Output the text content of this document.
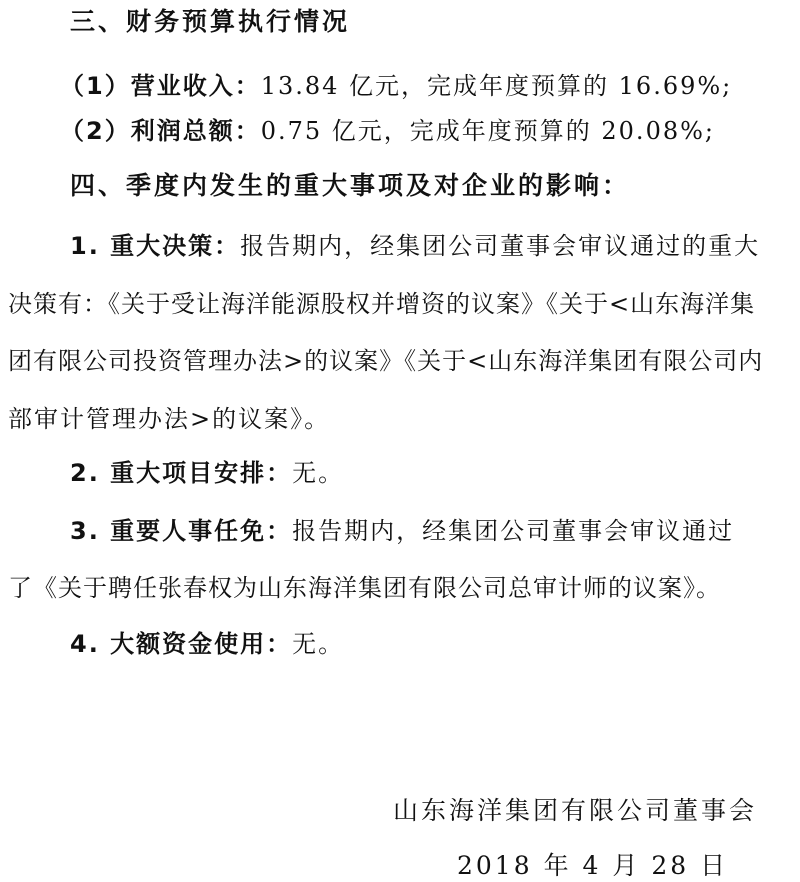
三、财务预算执行情况
（1）营业收入：13.84 亿元，完成年度预算的 16.69%;
（2）利润总额：0.75 亿元，完成年度预算的 20.08%;
四、季度内发生的重大事项及对企业的影响：
1. 重大决策：报告期内，经集团公司董事会审议通过的重大
决策有：《关于受让海洋能源股权并增资的议案》《关于<山东海洋集
团有限公司投资管理办法>的议案》《关于<山东海洋集团有限公司内
部审计管理办法>的议案》。
2. 重大项目安排：无。
3. 重要人事任免：报告期内，经集团公司董事会审议通过
了《关于聘任张春权为山东海洋集团有限公司总审计师的议案》。
4. 大额资金使用：无。
山东海洋集团有限公司董事会
2018 年 4 月 28 日
